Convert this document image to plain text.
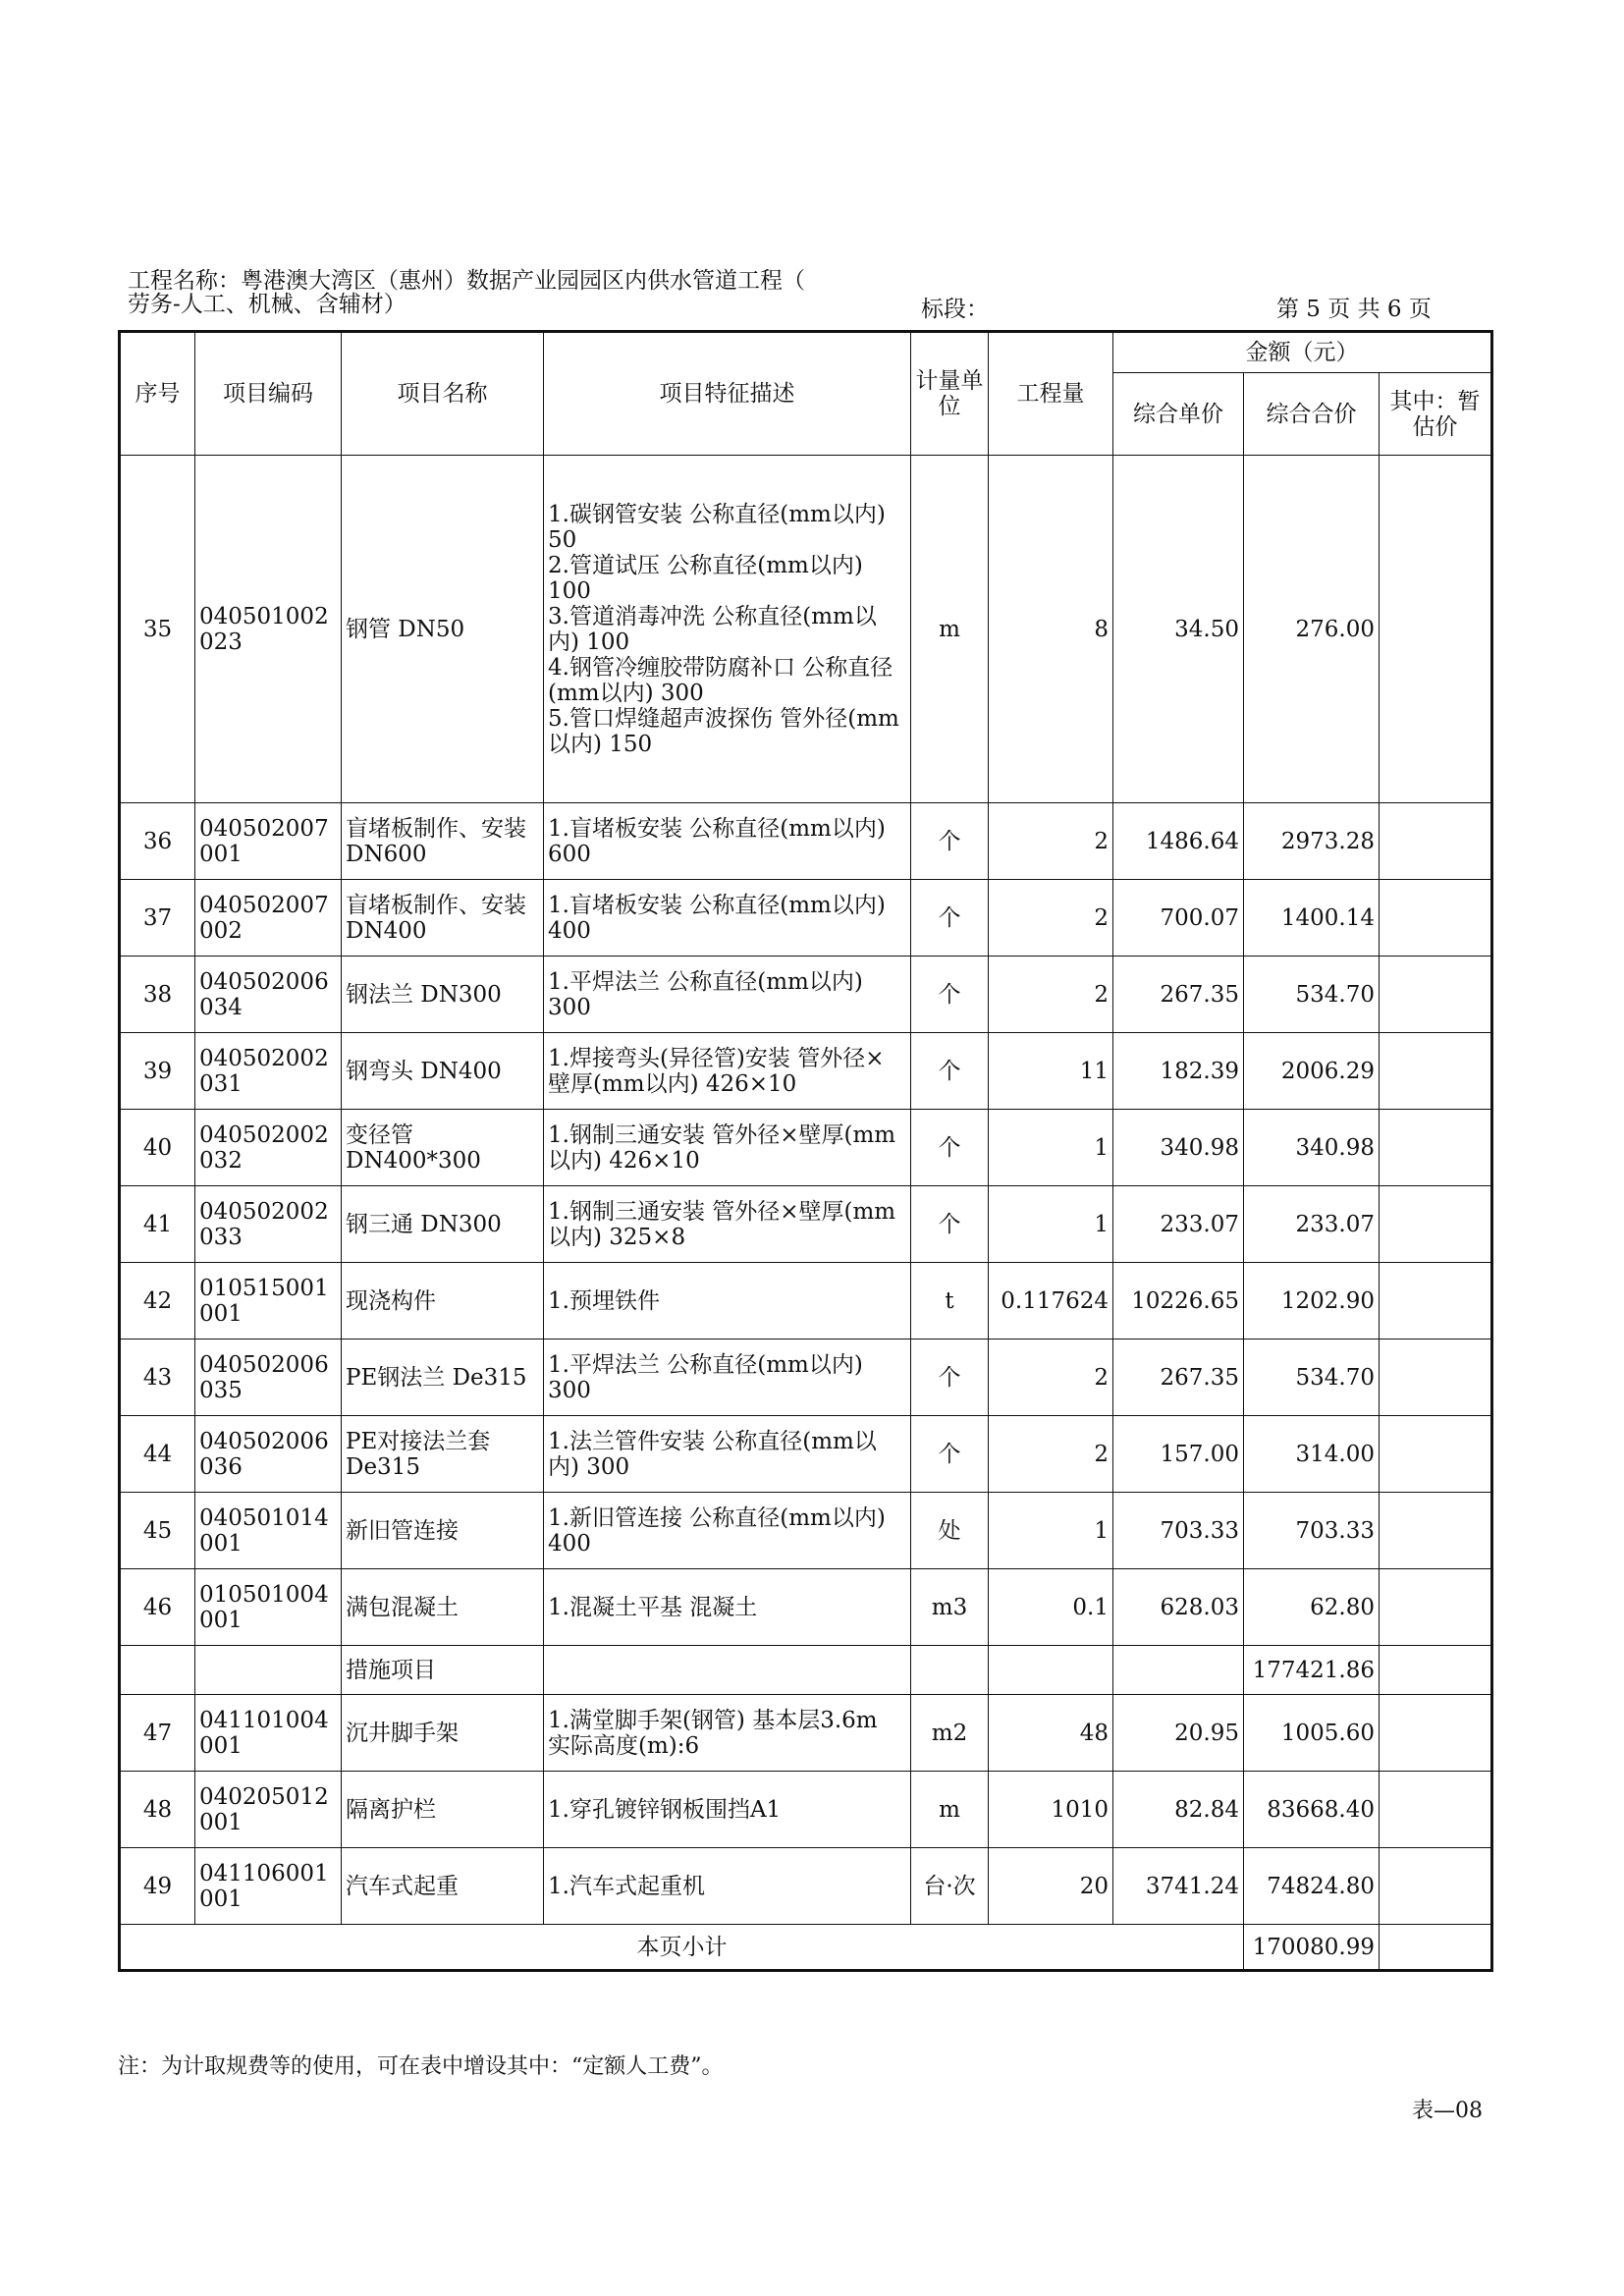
工程名称：粤港澳大湾区（惠州）数据产业园园区内供水管道工程（
劳务-人工、机械、含辅材）	标段：	第 5 页 共 6 页
序号	项目编码	项目名称	项目特征描述	计量单位	工程量	金额（元）		
						综合单价	综合合价	其中：暂估价
35	040501002023	钢管 DN50	1.碳钢管安装 公称直径(mm以内) 50
2.管道试压 公称直径(mm以内) 100
3.管道消毒冲洗 公称直径(mm以内) 100
4.钢管冷缠胶带防腐补口 公称直径(mm以内) 300
5.管口焊缝超声波探伤 管外径(mm以内) 150	m	8	34.50	276.00	
36	040502007001	盲堵板制作、安装DN600	1.盲堵板安装 公称直径(mm以内) 600	个	2	1486.64	2973.28	
37	040502007002	盲堵板制作、安装DN400	1.盲堵板安装 公称直径(mm以内) 400	个	2	700.07	1400.14	
38	040502006034	钢法兰 DN300	1.平焊法兰 公称直径(mm以内) 300	个	2	267.35	534.70	
39	040502002031	钢弯头 DN400	1.焊接弯头(异径管)安装 管外径×壁厚(mm以内) 426×10	个	11	182.39	2006.29	
40	040502002032	变径管 DN400*300	1.钢制三通安装 管外径×壁厚(mm以内) 426×10	个	1	340.98	340.98	
41	040502002033	钢三通 DN300	1.钢制三通安装 管外径×壁厚(mm以内) 325×8	个	1	233.07	233.07	
42	010515001001	现浇构件	1.预埋铁件	t	0.117624	10226.65	1202.90	
43	040502006035	PE钢法兰 De315	1.平焊法兰 公称直径(mm以内) 300	个	2	267.35	534.70	
44	040502006036	PE对接法兰套De315	1.法兰管件安装 公称直径(mm以内) 300	个	2	157.00	314.00	
45	040501014001	新旧管连接	1.新旧管连接 公称直径(mm以内) 400	处	1	703.33	703.33	
46	010501004001	满包混凝土	1.混凝土平基 混凝土	m3	0.1	628.03	62.80	
		措施项目					177421.86	
47	041101004001	沉井脚手架	1.满堂脚手架(钢管) 基本层3.6m 实际高度(m):6	m2	48	20.95	1005.60	
48	040205012001	隔离护栏	1.穿孔镀锌钢板围挡A1	m	1010	82.84	83668.40	
49	041106001001	汽车式起重	1.汽车式起重机	台·次	20	3741.24	74824.80	
本页小计							170080.99	
注：为计取规费等的使用，可在表中增设其中：“定额人工费”。
表—08
